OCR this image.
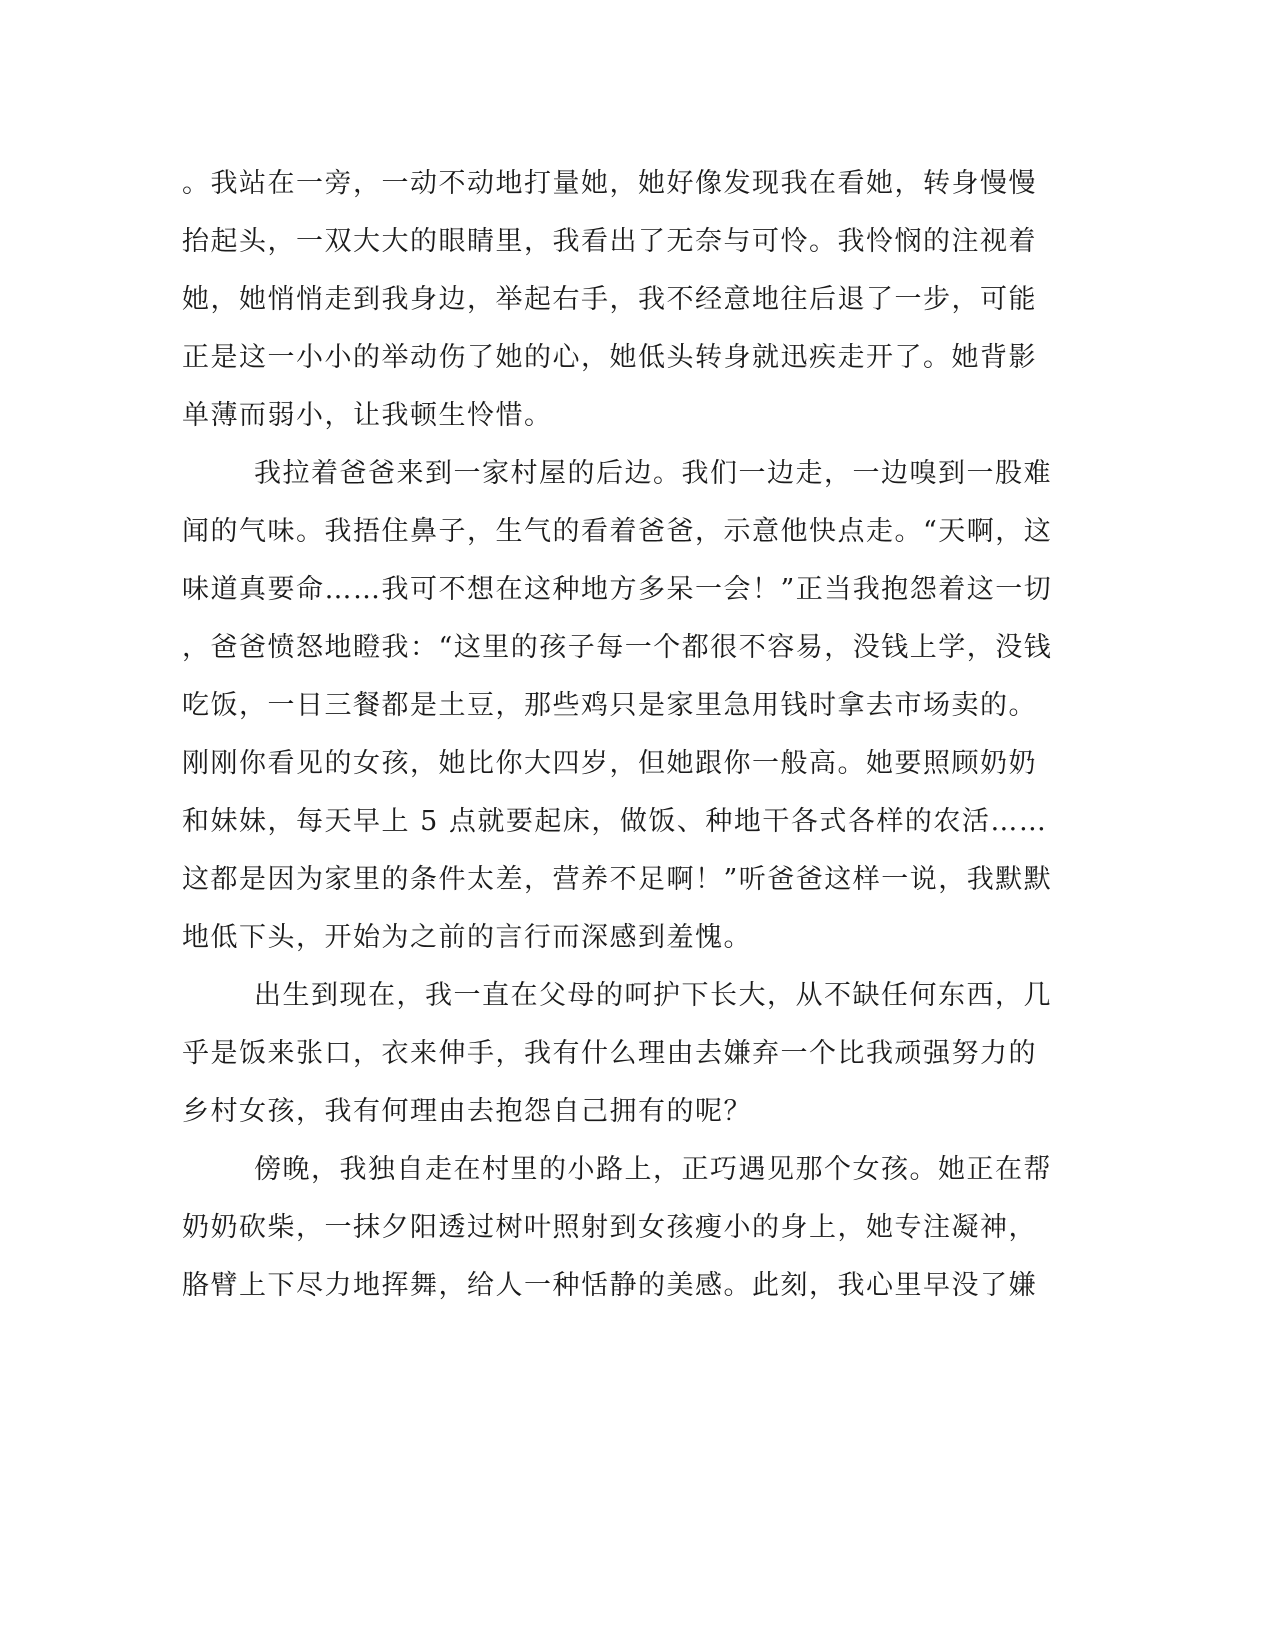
。我站在一旁，一动不动地打量她，她好像发现我在看她，转身慢慢
抬起头，一双大大的眼睛里，我看出了无奈与可怜。我怜悯的注视着
她，她悄悄走到我身边，举起右手，我不经意地往后退了一步，可能
正是这一小小的举动伤了她的心，她低头转身就迅疾走开了。她背影
单薄而弱小，让我顿生怜惜。
我拉着爸爸来到一家村屋的后边。我们一边走，一边嗅到一股难
闻的气味。我捂住鼻子，生气的看着爸爸，示意他快点走。“天啊，这
味道真要命……我可不想在这种地方多呆一会！”正当我抱怨着这一切
，爸爸愤怒地瞪我：“这里的孩子每一个都很不容易，没钱上学，没钱
吃饭，一日三餐都是土豆，那些鸡只是家里急用钱时拿去市场卖的。
刚刚你看见的女孩，她比你大四岁，但她跟你一般高。她要照顾奶奶
和妹妹，每天早上 5 点就要起床，做饭、种地干各式各样的农活……
这都是因为家里的条件太差，营养不足啊！”听爸爸这样一说，我默默
地低下头，开始为之前的言行而深感到羞愧。
出生到现在，我一直在父母的呵护下长大，从不缺任何东西，几
乎是饭来张口，衣来伸手，我有什么理由去嫌弃一个比我顽强努力的
乡村女孩，我有何理由去抱怨自己拥有的呢？
傍晚，我独自走在村里的小路上，正巧遇见那个女孩。她正在帮
奶奶砍柴，一抹夕阳透过树叶照射到女孩瘦小的身上，她专注凝神，
胳臂上下尽力地挥舞，给人一种恬静的美感。此刻，我心里早没了嫌
